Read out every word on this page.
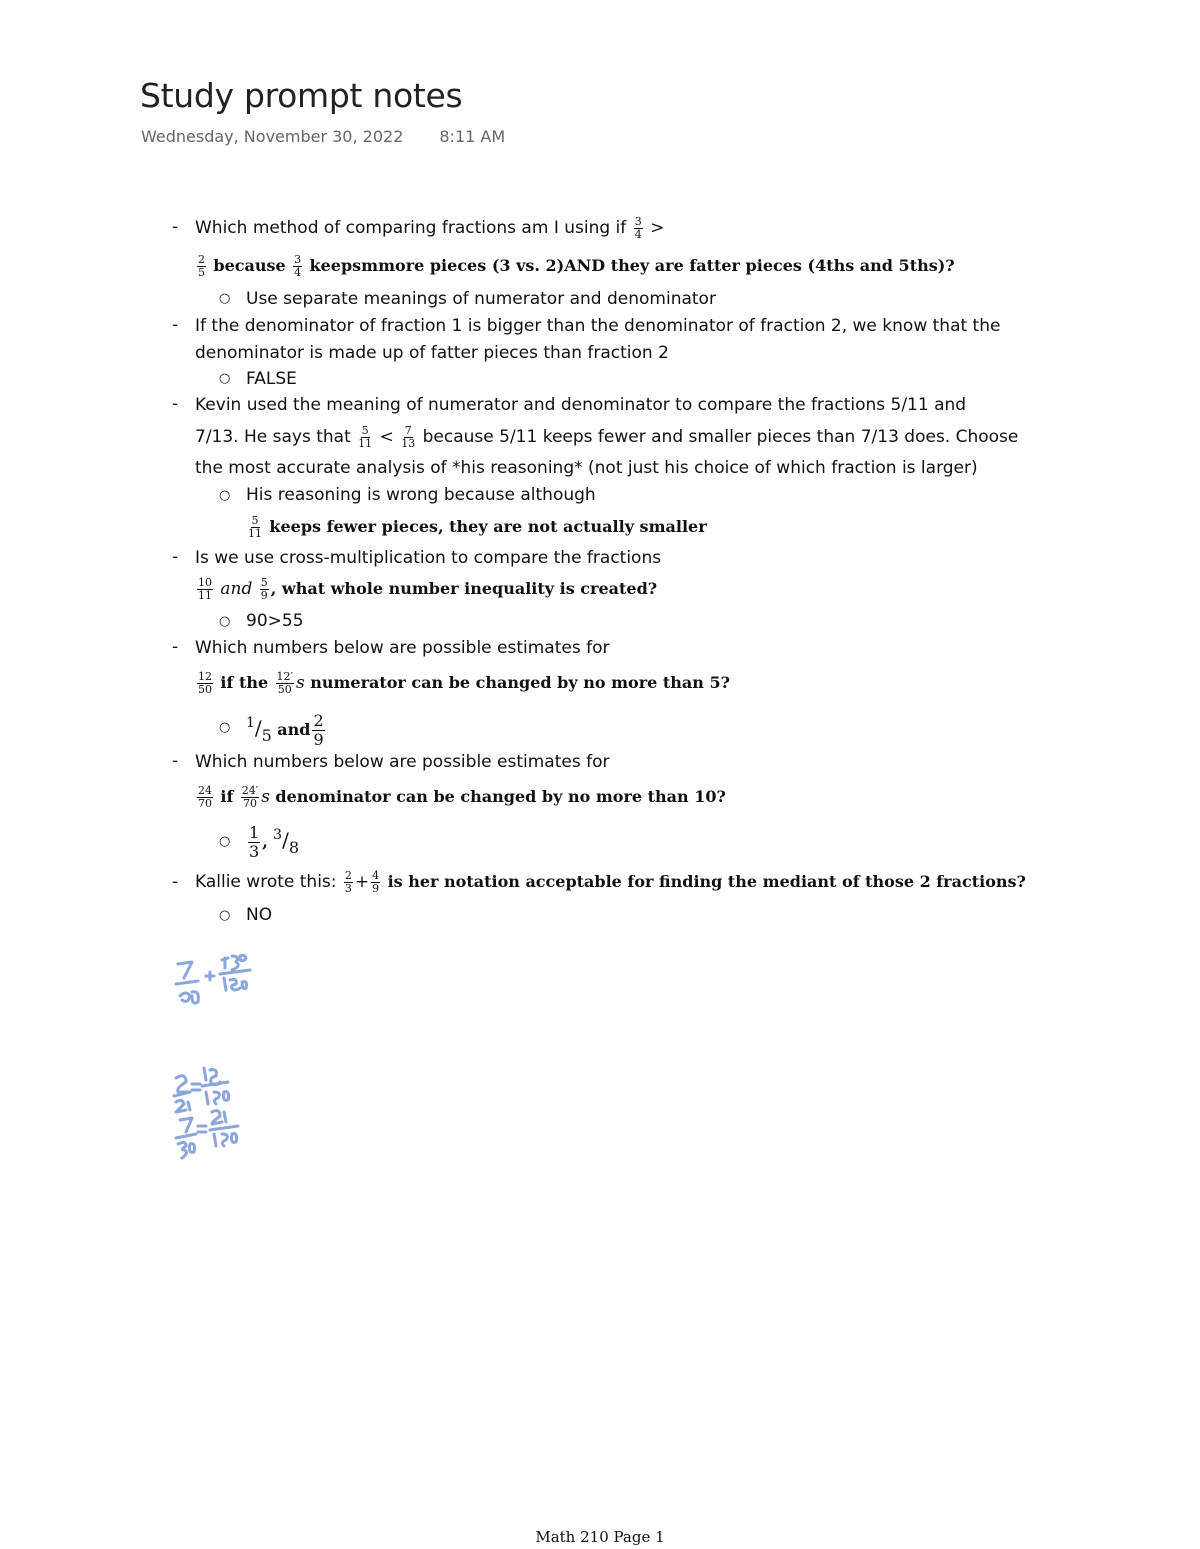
Study prompt notes
Wednesday, November 30, 2022 8:11 AM
- Which method of comparing fractions am I using if $\frac{3}{4}$ >
$\frac{2}{5}$ because $\frac{3}{4}$ keepsmmore pieces (3 vs. 2)AND they are fatter pieces (4ths and 5ths)?
○ Use separate meanings of numerator and denominator
- If the denominator of fraction 1 is bigger than the denominator of fraction 2, we know that the
denominator is made up of fatter pieces than fraction 2
○ FALSE
- Kevin used the meaning of numerator and denominator to compare the fractions 5/11 and
7/13. He says that $\frac{5}{11} < \frac{7}{13}$ because 5/11 keeps fewer and smaller pieces than 7/13 does. Choose
the most accurate analysis of *his reasoning* (not just his choice of which fraction is larger)
○ His reasoning is wrong because although
$\frac{5}{11}$ keeps fewer pieces, they are not actually smaller
- Is we use cross-multiplication to compare the fractions
$\frac{10}{11}$ and $\frac{5}{9}$ , what whole number inequality is created?
○ 90>55
- Which numbers below are possible estimates for
$\frac{12}{50}$ if the $\frac{12'}{50}$ s numerator can be changed by no more than 5?
○ $^1$/5 and $\frac{2}{9}$
- Which numbers below are possible estimates for
$\frac{24}{70}$ if $\frac{24'}{70}$ s denominator can be changed by no more than 10?
○ $\frac{1}{3}$ , $^3$/8
- Kallie wrote this: $\frac{2}{3} + \frac{4}{9}$ is her notation acceptable for finding the mediant of those 2 fractions?
○ NO
Math 210 Page 1
